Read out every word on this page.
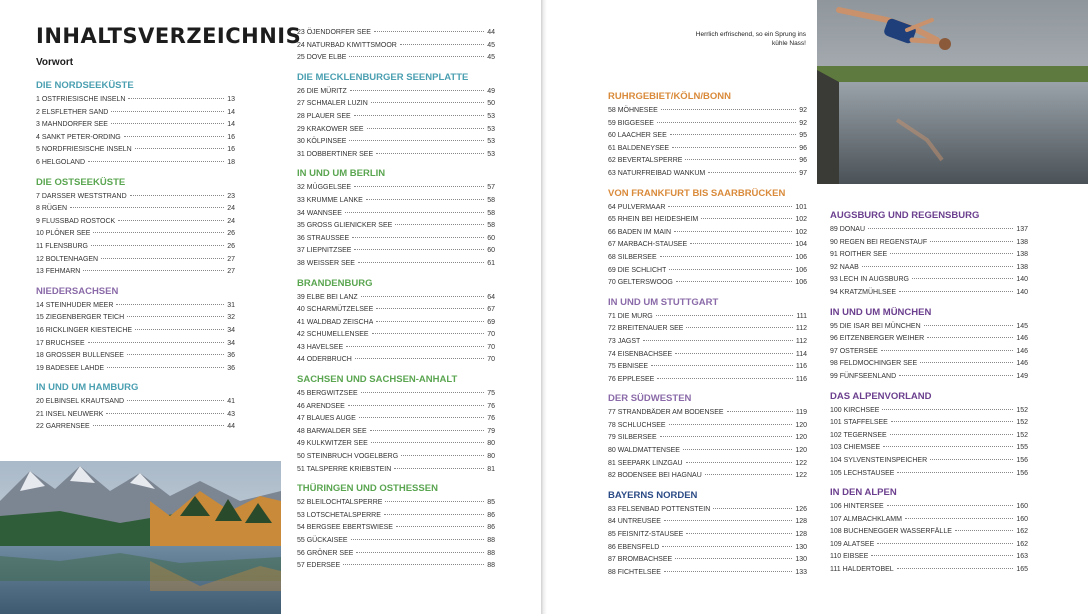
INHALTSVERZEICHNIS
Vorwort
DIE NORDSEEKÜSTE
1 OSTFRIESISCHE INSELN	13
2 ELSFLETHER SAND	14
3 MAHNDORFER SEE	14
4 SANKT PETER-ORDING	16
5 NORDFRIESISCHE INSELN	16
6 HELGOLAND	18
DIE OSTSEEKÜSTE
7 DARSSER WESTSTRAND	23
8 RÜGEN	24
9 FLUSSBAD ROSTOCK	24
10 PLÖNER SEE	26
11 FLENSBURG	26
12 BOLTENHAGEN	27
13 FEHMARN	27
NIEDERSACHSEN
14 STEINHUDER MEER	31
15 ZIEGENBERGER TEICH	32
16 RICKLINGER KIESTEICHE	34
17 BRUCHSEE	34
18 GROSSER BULLENSEE	36
19 BADESEE LAHDE	36
IN UND UM HAMBURG
20 ELBINSEL KRAUTSAND	41
21 INSEL NEUWERK	43
22 GARRENSEE	44
23 ÖJENDORFER SEE	44
24 NATURBAD KIWITTSMOOR	45
25 DOVE ELBE	45
DIE MECKLENBURGER SEENPLATTE
26 DIE MÜRITZ	49
27 SCHMALER LUZIN	50
28 PLAUER SEE	53
29 KRAKOWER SEE	53
30 KÖLPINSEE	53
31 DOBBERTINER SEE	53
IN UND UM BERLIN
32 MÜGGELSEE	57
33 KRUMME LANKE	58
34 WANNSEE	58
35 GROSS GLIENICKER SEE	58
36 STRAUSSEE	60
37 LIEPNITZSEE	60
38 WEISSER SEE	61
BRANDENBURG
39 ELBE BEI LANZ	64
40 SCHARMÜTZELSEE	67
41 WALDBAD ZEISCHA	69
42 SCHUMELLENSEE	70
43 HAVELSEE	70
44 ODERBRUCH	70
SACHSEN UND SACHSEN-ANHALT
45 BERGWITZSEE	75
46 ARENDSEE	76
47 BLAUES AUGE	76
48 BARWALDER SEE	79
49 KULKWITZER SEE	80
50 STEINBRUCH VOGELBERG	80
51 TALSPERRE KRIEBSTEIN	81
THÜRINGEN UND OSTHESSEN
52 BLEILOCHTALSPERRE	85
53 LOTSCHETALSPERRE	86
54 BERGSEE EBERTSWIESE	86
55 GÜCKAISEE	88
56 GRÖNER SEE	88
57 EDERSEE	88
RUHRGEBIET/KÖLN/BONN
58 MÖHNESEE	92
59 BIGGESEE	92
60 LAACHER SEE	95
61 BALDENEYSEE	96
62 BEVERTALSPERRE	96
63 NATURFREIBAD WANKUM	97
VON FRANKFURT BIS SAARBRÜCKEN
64 PULVERMAAR	101
65 RHEIN BEI HEIDESHEIM	102
66 BADEN IM MAIN	102
67 MARBACH-STAUSEE	104
68 SILBERSEE	106
69 DIE SCHLICHT	106
70 GELTERSWOOG	106
IN UND UM STUTTGART
71 DIE MURG	111
72 BREITENAUER SEE	112
73 JAGST	112
74 EISENBACHSEE	114
75 EBNISEE	116
76 EPPLESEE	116
DER SÜDWESTEN
77 STRANDBÄDER AM BODENSEE	119
78 SCHLUCHSEE	120
79 SILBERSEE	120
80 WALDMATTENSEE	120
81 SEEPARK LINZGAU	122
82 BODENSEE BEI HAGNAU	122
BAYERNS NORDEN
83 FELSENBAD POTTENSTEIN	126
84 UNTREUSEE	128
85 FEISNITZ-STAUSEE	128
86 EBENSFELD	130
87 BROMBACHSEE	130
88 FICHTELSEE	133
AUGSBURG UND REGENSBURG
89 DONAU	137
90 REGEN BEI REGENSTAUF	138
91 ROITHER SEE	138
92 NAAB	138
93 LECH IN AUGSBURG	140
94 KRATZMÜHLSEE	140
IN UND UM MÜNCHEN
95 DIE ISAR BEI MÜNCHEN	145
96 EITZENBERGER WEIHER	146
97 OSTERSEE	146
98 FELDMOCHINGER SEE	146
99 FÜNFSEENLAND	149
DAS ALPENVORLAND
100 KIRCHSEE	152
101 STAFFELSEE	152
102 TEGERNSEE	152
103 CHIEMSEE	155
104 SYLVENSTEINSPEICHER	156
105 LECHSTAUSEE	156
IN DEN ALPEN
106 HINTERSEE	160
107 ALMBACHKLAMM	160
108 BUCHENEGGER WASSERFÄLLE	162
109 ALATSEE	162
110 EIBSEE	163
111 HALDERTOBEL	165
Herrlich erfrischend, so ein Sprung ins
kühle Nass!
